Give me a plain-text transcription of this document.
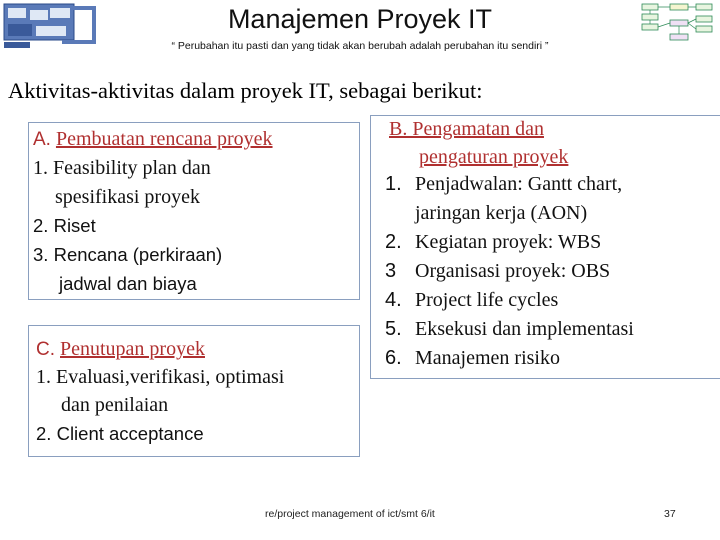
Manajemen Proyek IT
“ Perubahan itu pasti dan yang tidak akan berubah adalah perubahan itu sendiri ”
Aktivitas-aktivitas dalam proyek IT, sebagai berikut:
A. Pembuatan rencana proyek
1. Feasibility plan dan
spesifikasi proyek
2. Riset
3. Rencana (perkiraan)
jadwal dan biaya
B. Pengamatan dan
pengaturan proyek
1. Penjadwalan: Gantt chart,
jaringan kerja (AON)
2. Kegiatan proyek: WBS
3 Organisasi proyek: OBS
4. Project life cycles
5. Eksekusi dan implementasi
6. Manajemen risiko
C. Penutupan proyek
1. Evaluasi,verifikasi, optimasi
dan penilaian
2. Client acceptance
re/project management of ict/smt 6/it	37
